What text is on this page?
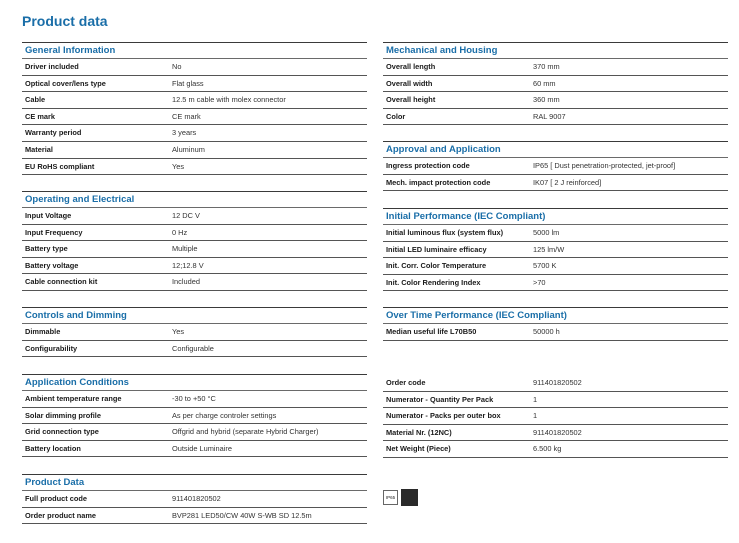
Product data
General Information
Driver included	No
Optical cover/lens type	Flat glass
Cable	12.5 m cable with molex connector
CE mark	CE mark
Warranty period	3 years
Material	Aluminum
EU RoHS compliant	Yes
Operating and Electrical
Input Voltage	12 DC V
Input Frequency	0 Hz
Battery type	Multiple
Battery voltage	12;12.8 V
Cable connection kit	Included
Controls and Dimming
Dimmable	Yes
Configurability	Configurable
Application Conditions
Ambient temperature range	-30 to +50 °C
Solar dimming profile	As per charge controler settings
Grid connection type	Offgrid and hybrid (separate Hybrid Charger)
Battery location	Outside Luminaire
Product Data
Full product code	911401820502
Order product name	BVP281 LED50/CW 40W S-WB SD 12.5m
Mechanical and Housing
Overall length	370 mm
Overall width	60 mm
Overall height	360 mm
Color	RAL 9007
Approval and Application
Ingress protection code	IP65 [ Dust penetration-protected, jet-proof]
Mech. impact protection code	IK07 [ 2 J reinforced]
Initial Performance (IEC Compliant)
Initial luminous flux (system flux)	5000 lm
Initial LED luminaire efficacy	125 lm/W
Init. Corr. Color Temperature	5700 K
Init. Color Rendering Index	>70
Over Time Performance (IEC Compliant)
Median useful life L70B50	50000 h
Order code	911401820502
Numerator - Quantity Per Pack	1
Numerator - Packs per outer box	1
Material Nr. (12NC)	911401820502
Net Weight (Piece)	6.500 kg
IP65
